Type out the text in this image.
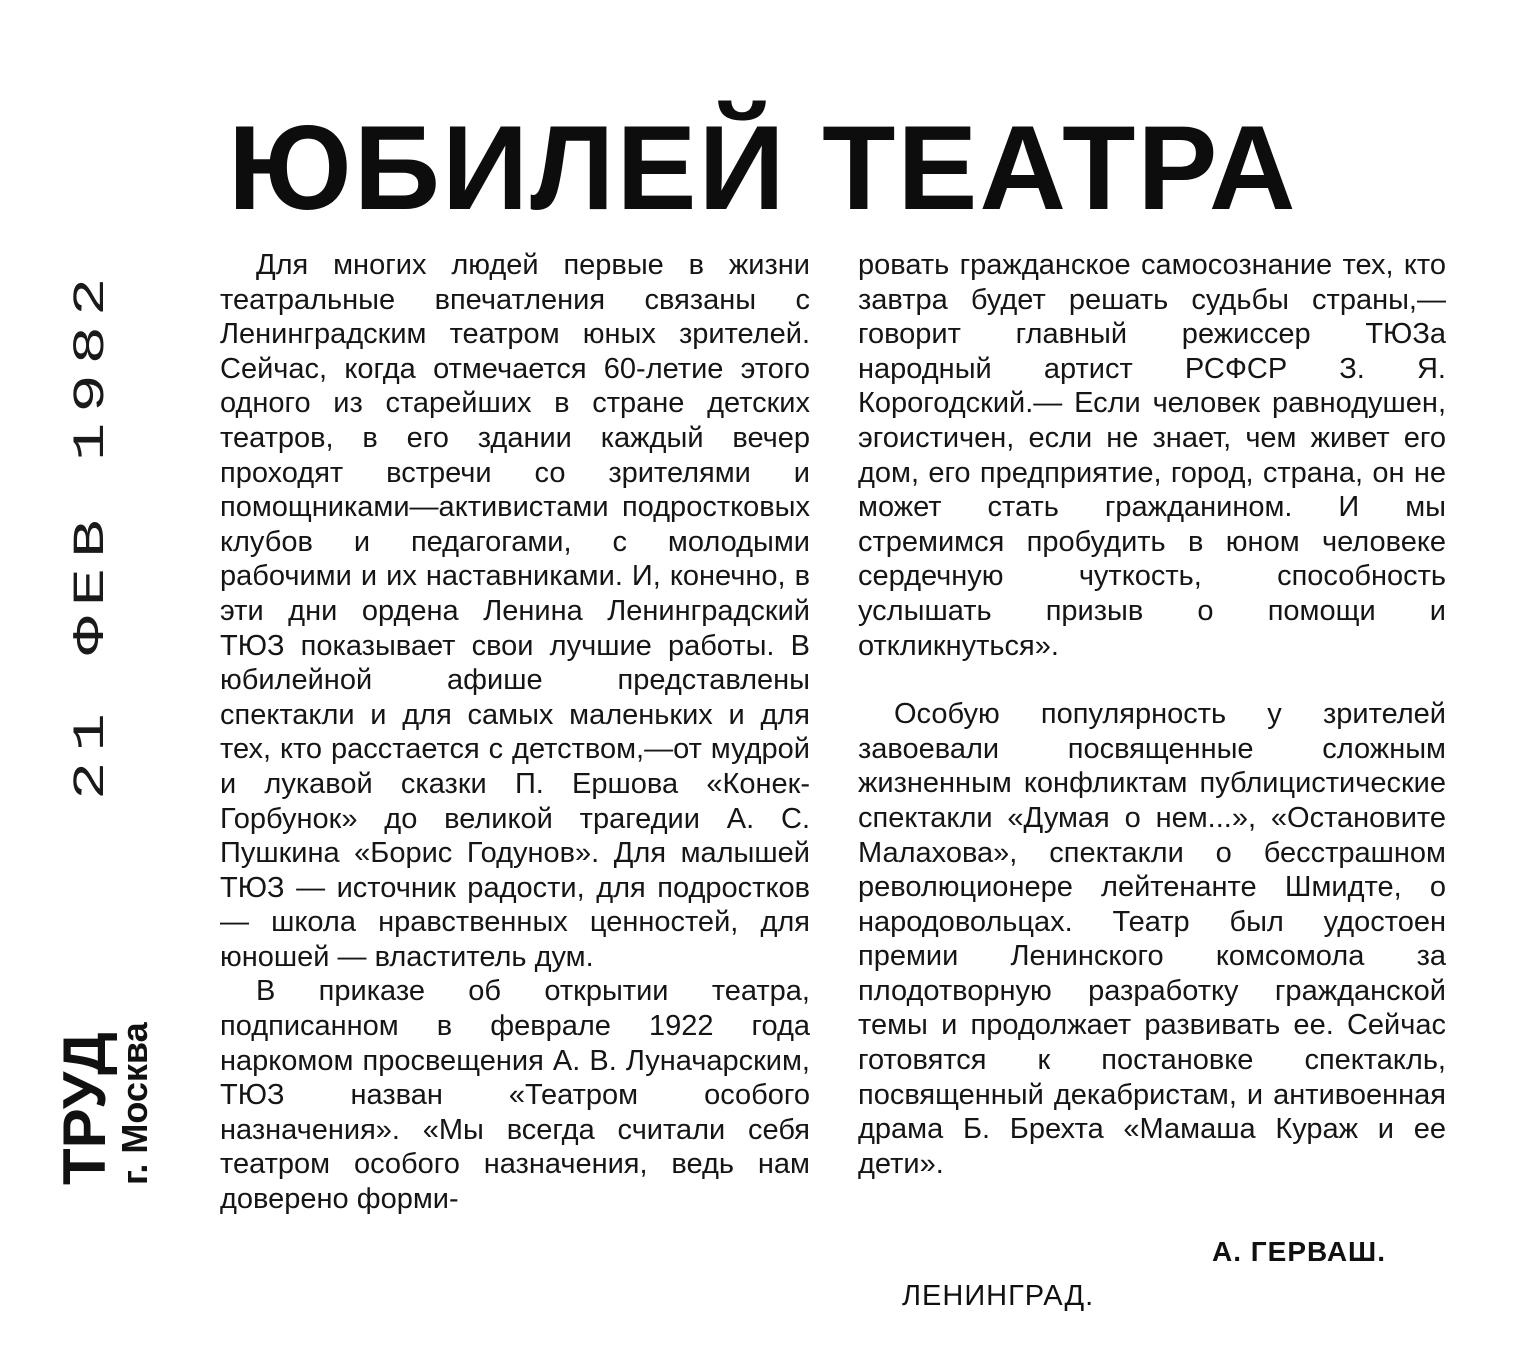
ЮБИЛЕЙ ТЕАТРА

Для многих людей первые в жизни театральные впечатления связаны с Ленинградским театром юных зрителей. Сейчас, когда отмечается 60-летие этого одного из старейших в стране детских театров, в его здании каждый вечер проходят встречи со зрителями и помощниками—активистами подростковых клубов и педагогами, с молодыми рабочими и их наставниками. И, конечно, в эти дни ордена Ленина Ленинградский ТЮЗ показывает свои лучшие работы. В юбилейной афише представлены спектакли и для самых маленьких и для тех, кто расстается с детством,—от мудрой и лукавой сказки П. Ершова «Конек-Горбунок» до великой трагедии А. С. Пушкина «Борис Годунов». Для малышей ТЮЗ — источник радости, для подростков — школа нравственных ценностей, для юношей — властитель дум.

В приказе об открытии театра, подписанном в феврале 1922 года наркомом просвещения А. В. Луначарским, ТЮЗ назван «Театром особого назначения». «Мы всегда считали себя театром особого назначения, ведь нам доверено форми-

ровать гражданское самосознание тех, кто завтра будет решать судьбы страны,— говорит главный режиссер ТЮЗа народный артист РСФСР З. Я. Корогодский.— Если человек равнодушен, эгоистичен, если не знает, чем живет его дом, его предприятие, город, страна, он не может стать гражданином. И мы стремимся пробудить в юном человеке сердечную чуткость, способность услышать призыв о помощи и откликнуться».

Особую популярность у зрителей завоевали посвященные сложным жизненным конфликтам публицистические спектакли «Думая о нем...», «Остановите Малахова», спектакли о бесстрашном революционере лейтенанте Шмидте, о народовольцах. Театр был удостоен премии Ленинского комсомола за плодотворную разработку гражданской темы и продолжает развивать ее. Сейчас готовятся к постановке спектакль, посвященный декабристам, и антивоенная драма Б. Брехта «Мамаша Кураж и ее дети».

А. ГЕРВАШ.
ЛЕНИНГРАД.
ТРУД
г. Москва
21 ФЕВ 1982
